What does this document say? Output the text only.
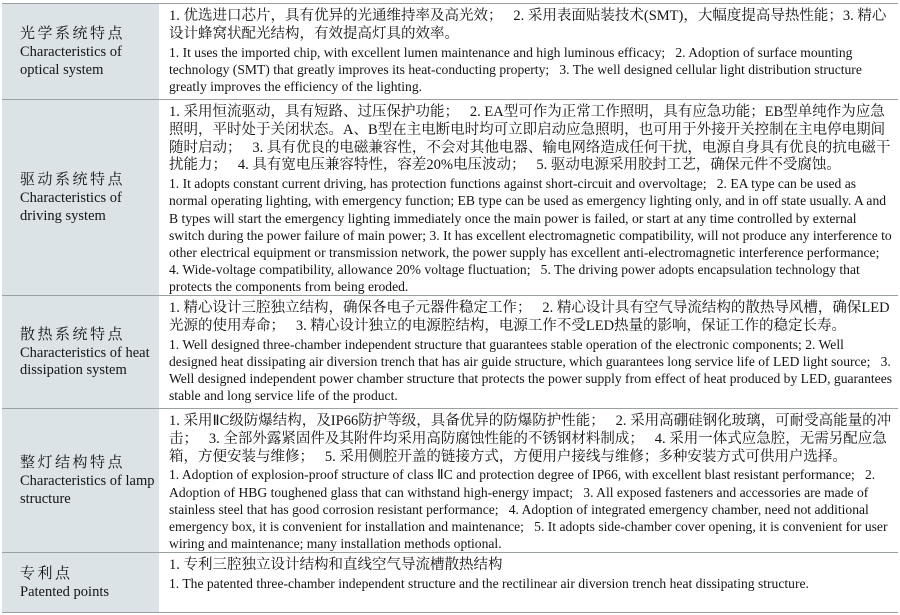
光学系统特点
Characteristics of optical system
1. 优选进口芯片，具有优异的光通维持率及高光效；   2. 采用表面贴装技术(SMT)，大幅度提高导热性能；3. 精心设计蜂窝状配光结构，有效提高灯具的效率。
1. It uses the imported chip, with excellent lumen maintenance and high luminous efficacy;   2. Adoption of surface mounting technology (SMT) that greatly improves its heat-conducting property;   3. The well designed cellular light distribution structure greatly improves the efficiency of the lighting.
驱动系统特点
Characteristics of driving system
1. 采用恒流驱动，具有短路、过压保护功能；   2. EA型可作为正常工作照明，具有应急功能；EB型单纯作为应急照明，平时处于关闭状态。A、B型在主电断电时均可立即启动应急照明，也可用于外接开关控制在主电停电期间随时启动；   3. 具有优良的电磁兼容性，不会对其他电器、输电网络造成任何干扰，电源自身具有优良的抗电磁干扰能力；   4. 具有宽电压兼容特性，容差20%电压波动；   5. 驱动电源采用胶封工艺，确保元件不受腐蚀。
1. It adopts constant current driving, has protection functions against short-circuit and overvoltage;   2. EA type can be used as normal operating lighting, with emergency function; EB type can be used as emergency lighting only, and in off state usually. A and B types will start the emergency lighting immediately once the main power is failed, or start at any time controlled by external switch during the power failure of main power; 3. It has excellent electromagnetic compatibility, will not produce any interference to other electrical equipment or transmission network, the power supply has excellent anti-electromagnetic interference performance;   4. Wide-voltage compatibility, allowance 20% voltage fluctuation;   5. The driving power adopts encapsulation technology that protects the components from being eroded.
散热系统特点
Characteristics of heat dissipation system
1. 精心设计三腔独立结构，确保各电子元器件稳定工作；   2. 精心设计具有空气导流结构的散热导风槽，确保LED光源的使用寿命；   3. 精心设计独立的电源腔结构，电源工作不受LED热量的影响，保证工作的稳定长寿。
1. Well designed three-chamber independent structure that guarantees stable operation of the electronic components; 2. Well designed heat dissipating air diversion trench that has air guide structure, which guarantees long service life of LED light source;   3. Well designed independent power chamber structure that protects the power supply from effect of heat produced by LED, guarantees stable and long service life of the product.
整灯结构特点
Characteristics of lamp structure
1. 采用ⅡC级防爆结构，及IP66防护等级，具备优异的防爆防护性能；   2. 采用高硼硅钢化玻璃，可耐受高能量的冲击；   3. 全部外露紧固件及其附件均采用高防腐蚀性能的不锈钢材料制成；   4. 采用一体式应急腔，无需另配应急箱，方便安装与维修；   5. 采用侧腔开盖的链接方式，方便用户接线与维修；多种安装方式可供用户选择。
1. Adoption of explosion-proof structure of class ⅡC and protection degree of IP66, with excellent blast resistant performance;   2. Adoption of HBG toughened glass that can withstand high-energy impact;   3. All exposed fasteners and accessories are made of stainless steel that has good corrosion resistant performance;   4. Adoption of integrated emergency chamber, need not additional emergency box, it is convenient for installation and maintenance;   5. It adopts side-chamber cover opening, it is convenient for user wiring and maintenance; many installation methods optional.
专利点
Patented points
1. 专利三腔独立设计结构和直线空气导流槽散热结构
1. The patented three-chamber independent structure and the rectilinear air diversion trench heat dissipating structure.
